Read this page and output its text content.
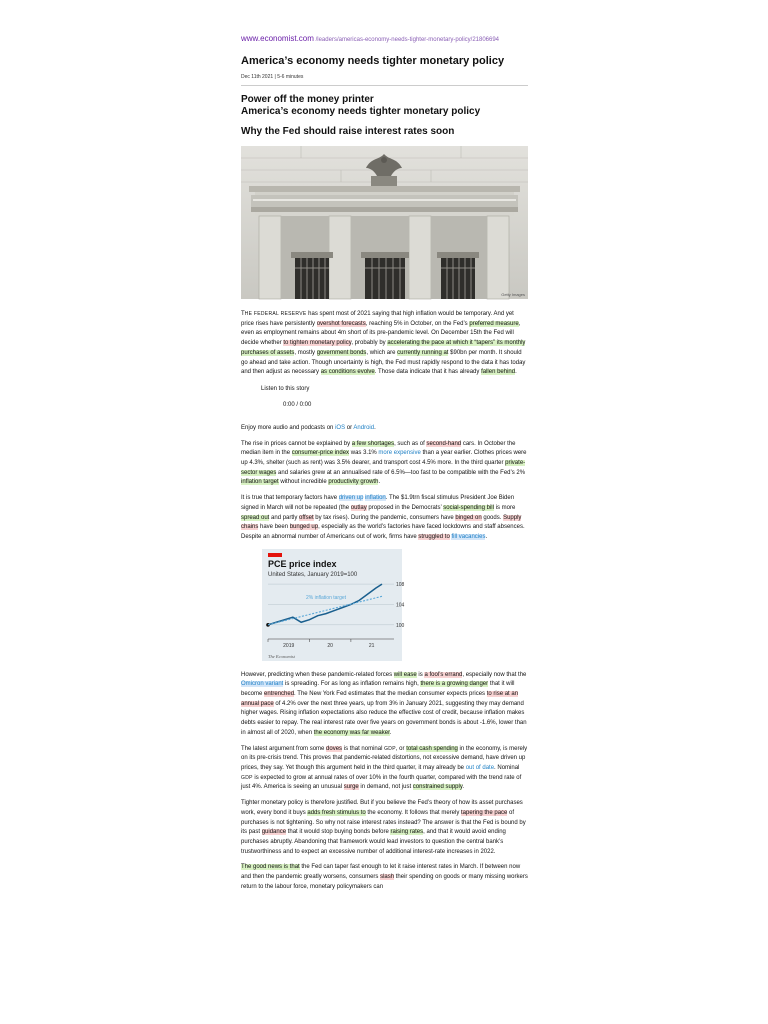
www.economist.com /leaders/americas-economy-needs-tighter-monetary-policy/21806694
America’s economy needs tighter monetary policy
Dec 11th 2021 | 5-6 minutes

Power off the money printer

America’s economy needs tighter monetary policy

Why the Fed should raise interest rates soon

Getty Images

THE FEDERAL RESERVE has spent most of 2021 saying that high inflation would be temporary. And yet price rises have persistently overshot forecasts, reaching 5% in October, on the Fed’s preferred measure, even as employment remains about 4m short of its pre-pandemic level. On December 15th the Fed will decide whether to tighten monetary policy, probably by accelerating the pace at which it “tapers” its monthly purchases of assets, mostly government bonds, which are currently running at $90bn per month. It should go ahead and take action. Though uncertainty is high, the Fed must rapidly respond to the data it has today and then adjust as necessary as conditions evolve. Those data indicate that it has already fallen behind.

Listen to this story
0:00 / 0:00

Enjoy more audio and podcasts on iOS or Android.

The rise in prices cannot be explained by a few shortages, such as of second-hand cars. In October the median item in the consumer-price index was 3.1% more expensive than a year earlier. Clothes prices were up 4.3%, shelter (such as rent) was 3.5% dearer, and transport cost 4.5% more. In the third quarter private-sector wages and salaries grew at an annualised rate of 6.5%—too fast to be compatible with the Fed’s 2% inflation target without incredible productivity growth.

It is true that temporary factors have driven up inflation. The $1.9trn fiscal stimulus President Joe Biden signed in March will not be repeated (the outlay proposed in the Democrats’ social-spending bill is more spread out and partly offset by tax rises). During the pandemic, consumers have binged on goods. Supply chains have been bunged up, especially as the world’s factories have faced lockdowns and staff absences. Despite an abnormal number of Americans out of work, firms have struggled to fill vacancies.

PCE price index
United States, January 2019=100
108
104
100
2019	20	21
2% inflation target
The Economist

However, predicting when these pandemic-related forces will ease is a fool’s errand, especially now that the Omicron variant is spreading. For as long as inflation remains high, there is a growing danger that it will become entrenched. The New York Fed estimates that the median consumer expects prices to rise at an annual pace of 4.2% over the next three years, up from 3% in January 2021, suggesting they may demand higher wages. Rising inflation expectations also reduce the effective cost of credit, because inflation makes debts easier to repay. The real interest rate over five years on government bonds is about -1.6%, lower than in almost all of 2020, when the economy was far weaker.

The latest argument from some doves is that nominal GDP, or total cash spending in the economy, is merely on its pre-crisis trend. This proves that pandemic-related distortions, not excessive demand, have driven up prices, they say. Yet though this argument held in the third quarter, it may already be out of date. Nominal GDP is expected to grow at annual rates of over 10% in the fourth quarter, compared with the trend rate of just 4%. America is seeing an unusual surge in demand, not just constrained supply.

Tighter monetary policy is therefore justified. But if you believe the Fed’s theory of how its asset purchases work, every bond it buys adds fresh stimulus to the economy. It follows that merely tapering the pace of purchases is not tightening. So why not raise interest rates instead? The answer is that the Fed is bound by its past guidance that it would stop buying bonds before raising rates, and that it would avoid ending purchases abruptly. Abandoning that framework would lead investors to question the central bank’s trustworthiness and to expect an excessive number of additional interest-rate increases in 2022.

The good news is that the Fed can taper fast enough to let it raise interest rates in March. If between now and then the pandemic greatly worsens, consumers slash their spending on goods or many missing workers return to the labour force, monetary policymakers can
